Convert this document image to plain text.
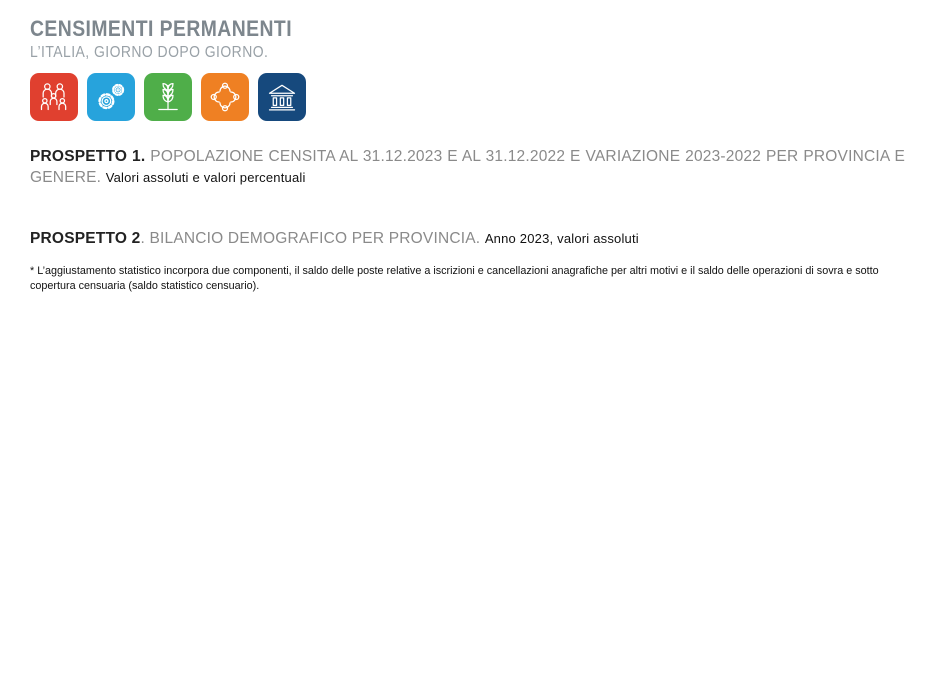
CENSIMENTI PERMANENTI
L’ITALIA, GIORNO DOPO GIORNO.

PROSPETTO 1. POPOLAZIONE CENSITA AL 31.12.2023 E AL 31.12.2022 E VARIAZIONE 2023-2022 PER PROVINCIA E GENERE. Valori assoluti e valori percentuali

PROSPETTO 2. BILANCIO DEMOGRAFICO PER PROVINCIA. Anno 2023, valori assoluti

* L’aggiustamento statistico incorpora due componenti, il saldo delle poste relative a iscrizioni e cancellazioni anagrafiche per altri motivi e il saldo delle operazioni di sovra e sotto copertura censuaria (saldo statistico censuario).
